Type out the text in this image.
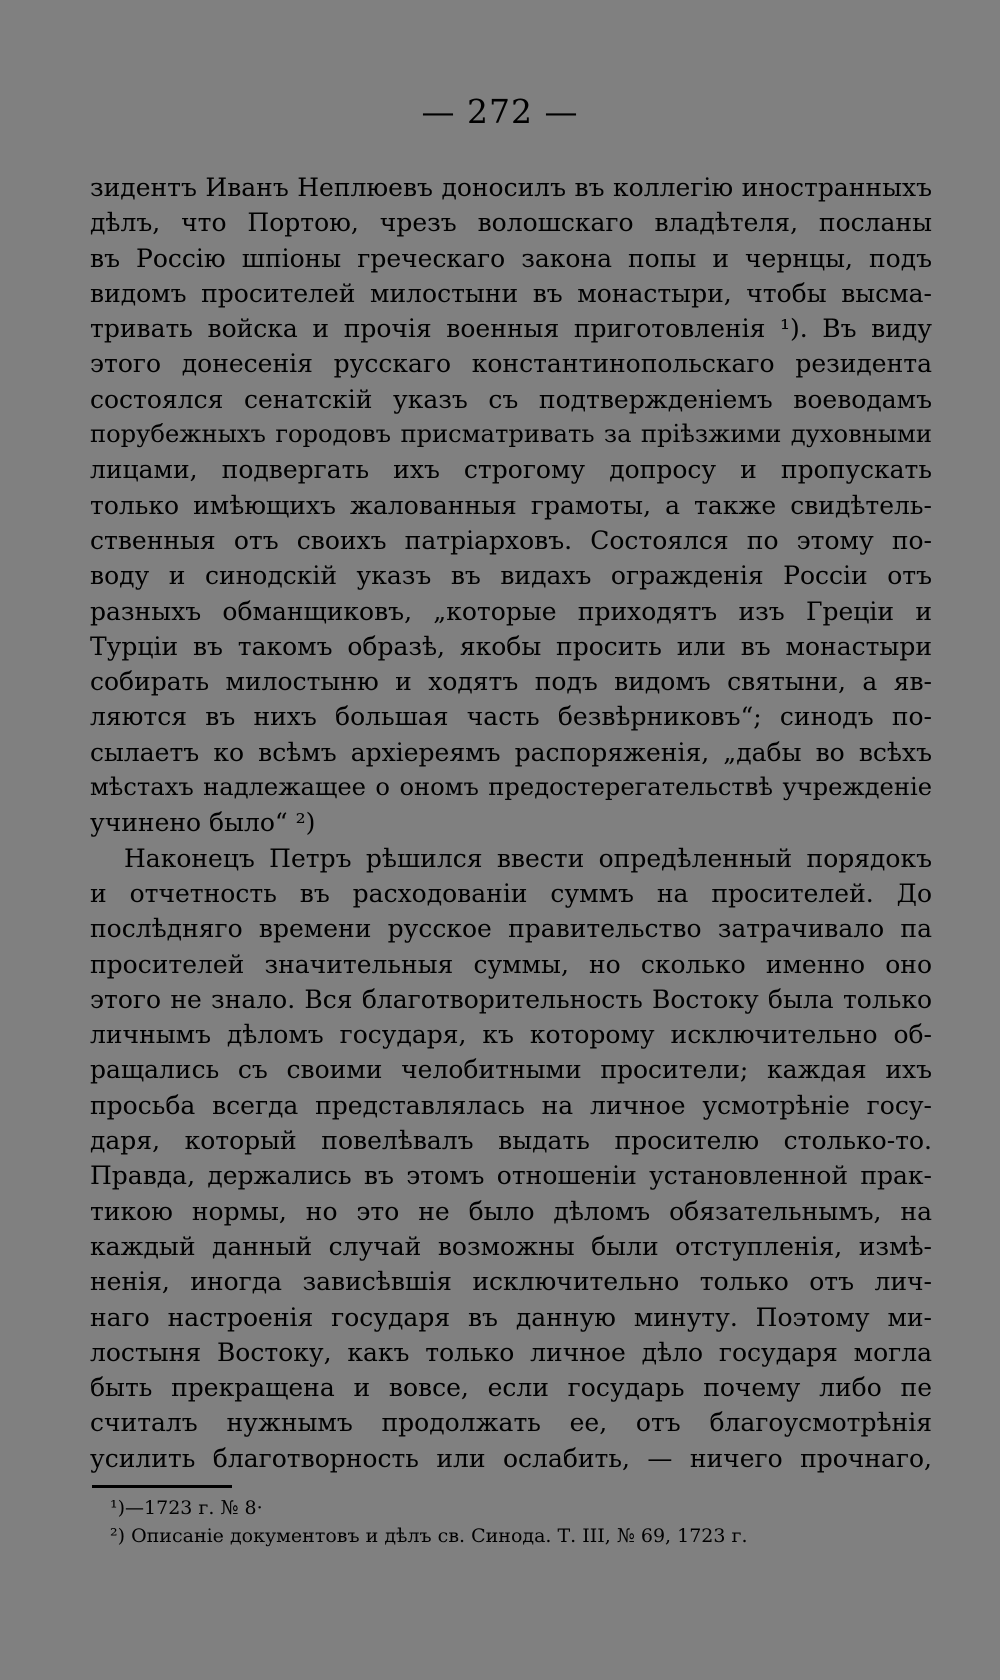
— 272 —
зидентъ Иванъ Неплюевъ доносилъ въ коллегію иностранныхъ
дѣлъ, что Портою, чрезъ волошскаго владѣтеля, посланы
въ Россію шпіоны греческаго закона попы и чернцы, подъ
видомъ просителей милостыни въ монастыри, чтобы высма-
тривать войска и прочія военныя приготовленія ¹). Въ виду
этого донесенія русскаго константинопольскаго резидента
состоялся сенатскій указъ съ подтвержденіемъ воеводамъ
порубежныхъ городовъ присматривать за пріѣзжими духовными
лицами, подвергать ихъ строгому допросу и пропускать
только имѣющихъ жалованныя грамоты, а также свидѣтель-
ственныя отъ своихъ патріарховъ. Состоялся по этому по-
воду и синодскій указъ въ видахъ огражденія Россіи отъ
разныхъ обманщиковъ, „которые приходятъ изъ Греціи и
Турціи въ такомъ образѣ, якобы просить или въ монастыри
собирать милостыню и ходятъ подъ видомъ святыни, а яв-
ляются въ нихъ большая часть безвѣрниковъ“; синодъ по-
сылаетъ ко всѣмъ архіереямъ распоряженія, „дабы во всѣхъ
мѣстахъ надлежащее о ономъ предостерегательствѣ учрежденіе
учинено было“ ²)
Наконецъ Петръ рѣшился ввести опредѣленный порядокъ
и отчетность въ расходованіи суммъ на просителей. До
послѣдняго времени русское правительство затрачивало па
просителей значительныя суммы, но сколько именно оно
этого не знало. Вся благотворительность Востоку была только
личнымъ дѣломъ государя, къ которому исключительно об-
ращались съ своими челобитными просители; каждая ихъ
просьба всегда представлялась на личное усмотрѣніе госу-
даря, который повелѣвалъ выдать просителю столько-то.
Правда, держались въ этомъ отношеніи установленной прак-
тикою нормы, но это не было дѣломъ обязательнымъ, на
каждый данный случай возможны были отступленія, измѣ-
ненія, иногда зависѣвшія исключительно только отъ лич-
наго настроенія государя въ данную минуту. Поэтому ми-
лостыня Востоку, какъ только личное дѣло государя могла
быть прекращена и вовсе, если государь почему либо пе
считалъ нужнымъ продолжать ее, отъ благоусмотрѣнія
усилить благотворность или ослабить, — ничего прочнаго,
¹)—1723 г. № 8·
²) Описаніе документовъ и дѣлъ св. Синода. Т. III, № 69, 1723 г.
